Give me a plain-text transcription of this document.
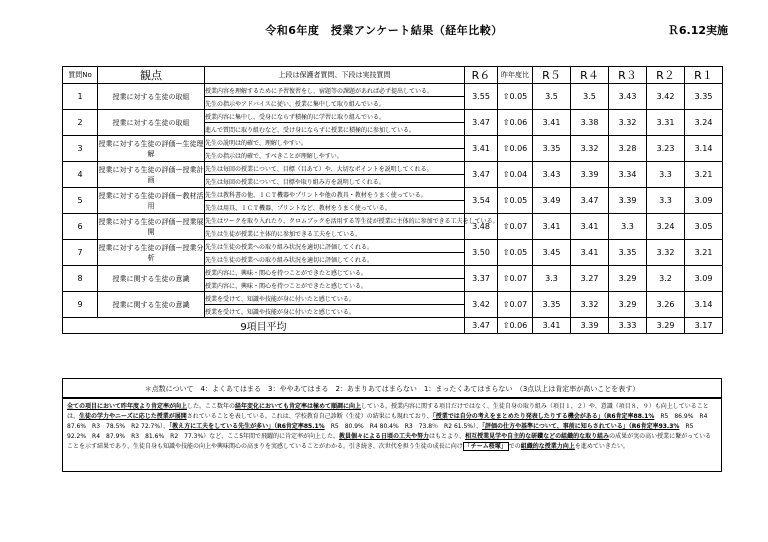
令和6年度　授業アンケート結果（経年比較）	Ｒ6.12実施
質問No	観点	上段は保護者質問、下段は実技質問	R６	昨年度比	R５	R４	R３	R２	R１
1	授業に対する生徒の取組	授業内容を理解するために予習復習をし、宿題等の課題があれば必ず提出している。	3.55	⇧0.05	3.5	3.5	3.43	3.42	3.35
		先生の指示やアドバイスに従い、授業に集中して取り組んでいる。							
2	授業に対する生徒の取組	授業内容に集中し、受身にならず積極的に学習に取り組んでいる。	3.47	⇧0.06	3.41	3.38	3.32	3.31	3.24
		進んで質問に取り組むなど、受け身にならずに授業に積極的に参加している。							
3	授業に対する生徒の評価ー生徒理解	先生の説明は的確で、理解しやすい。	3.41	⇧0.06	3.35	3.32	3.28	3.23	3.14
		先生の指示は的確で、すべきことが理解しやすい。							
4	授業に対する生徒の評価ー授業計画	先生は毎回の授業について、目標（目あて）や、大切なポイントを説明してくれる。	3.47	⇧0.04	3.43	3.39	3.34	3.3	3.21
		先生は毎回の授業について、目標や取り組み方を説明してくれる。							
5	授業に対する生徒の評価ー教材活用	先生は教科書の他、ＩＣＴ機器やプリントや他の教具・教材をうまく使っている。	3.54	⇧0.05	3.49	3.47	3.39	3.3	3.09
		先生は用具、ＩＣＴ機器、プリントなど、教材をうまく使っている。							
6	授業に対する生徒の評価ー授業展開	先生はワークを取り入れたり、クロムブックを活用する等生徒が授業に主体的に参加できる工夫をしている。	3.48	⇧0.07	3.41	3.41	3.3	3.24	3.05
		先生は生徒が授業に主体的に参加できる工夫をしている。							
7	授業に対する生徒の評価ー授業分析	先生は生徒の授業への取り組み状況を適切に評価してくれる。	3.50	⇧0.05	3.45	3.41	3.35	3.32	3.21
		先生は生徒の授業への取り組み状況を適切に評価してくれる。							
8	授業に関する生徒の意識	授業内容に、興味・関心を持つことができたと感じている。	3.37	⇧0.07	3.3	3.27	3.29	3.2	3.09
		授業内容に、興味・関心を持つことができたと感じている。							
9	授業に関する生徒の意識	授業を受けて、知識や技能が身に付いたと感じている。	3.42	⇧0.07	3.35	3.32	3.29	3.26	3.14
		授業を受けて、知識や技能が身に付いたと感じている。							
9項目平均			3.47	⇧0.06	3.41	3.39	3.33	3.29	3.17
＊点数について　4：よくあてはまる　3：ややあてはまる　2：あまりあてはまらない　1：まったくあてはまらない　（3点以上は肯定率が高いことを表す）
全ての項目において昨年度より肯定率が向上した。ここ数年の経年変化においても肯定率は極めて順調に向上している。授業内容に関する項目だけではなく、生徒自身の取り組み（項目１，２）や、意識（項目８，９）も向上していることは、生徒の学力やニーズに応じた授業が展開されていることを表している。これは、学校教育自己診断（生徒）の結果にも現れており、「授業では自分の考えをまとめたり発表したりする機会がある」（R6肯定率88.1%　R5　86.9%　R4　87.6%　R3　78.5%　R2 72.7%）、「教え方に工夫をしている先生が多い」（R6肯定率85.1%　R5　80.9%　R4 80.4%　R3　73.8％　R2 61.5%）、「評価の仕方や基準について、事前に知らされている」（R6肯定率93.3%　R5　92.2%　R4　87.9%　R3　81.6%　R2　77.3%）など、ここ5年間で飛躍的に肯定率が向上した。教員個々による日頃の工夫や努力はもとより、相互授業見学や自主的な研鑽などの組織的な取り組みの成果が実の高い授業に繋がっていることを示す結果であり、生徒自身も知識や技能の向上や興味関心の高まりを実感していることがわかる。引き続き、次世代を担う生徒の成長に向け 「チーム桜塚」 での組織的な授業力向上を進めていきたい。
